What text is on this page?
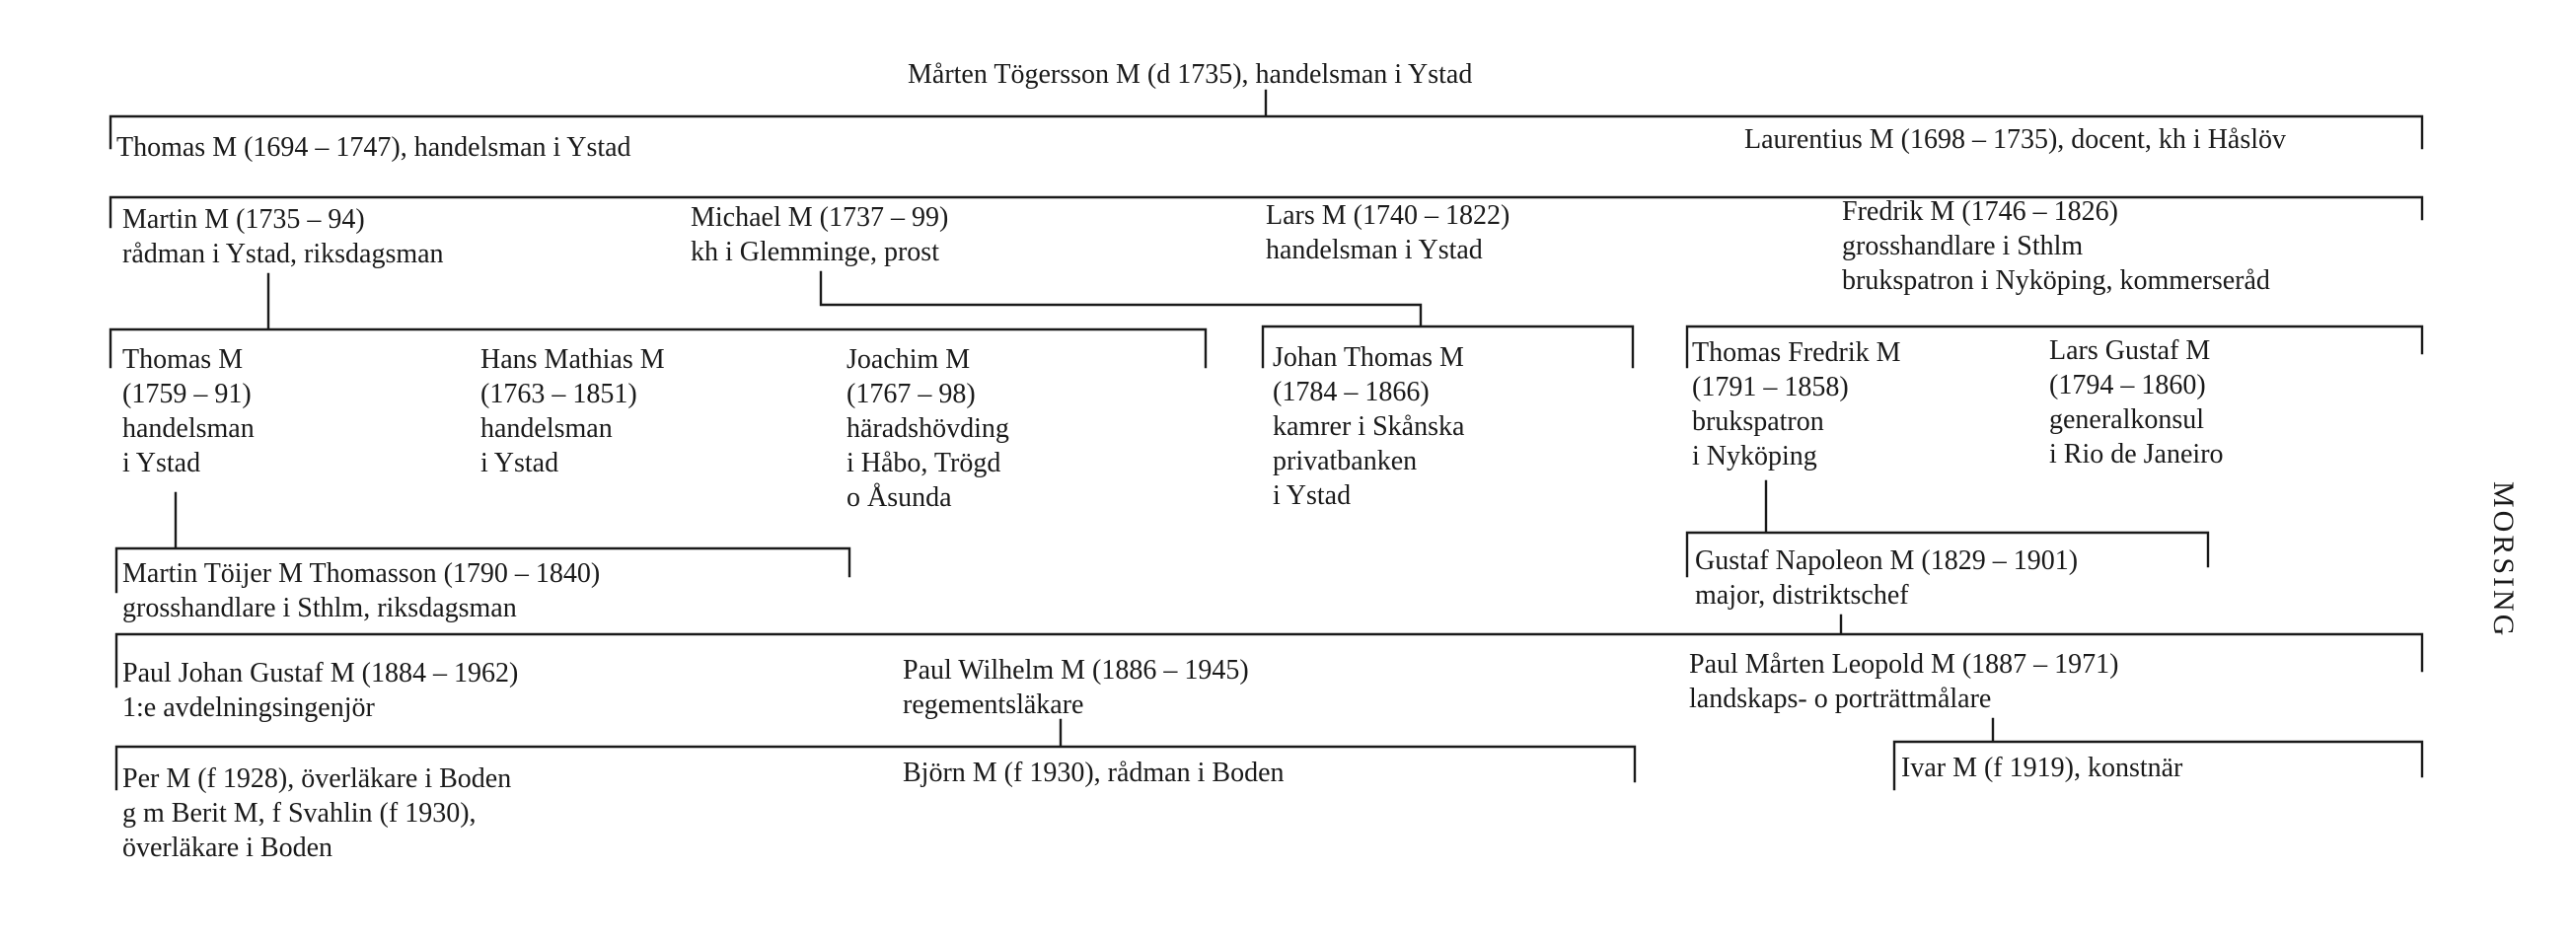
Mårten Tögersson M (d 1735), handelsman i Ystad
Thomas M (1694 – 1747), handelsman i Ystad	Laurentius M (1698 – 1735), docent, kh i Håslöv
Martin M (1735 – 94)
rådman i Ystad, riksdagsman
Michael M (1737 – 99)
kh i Glemminge, prost
Lars M (1740 – 1822)
handelsman i Ystad
Fredrik M (1746 – 1826)
grosshandlare i Sthlm
brukspatron i Nyköping, kommerseråd
Thomas M
(1759 – 91)
handelsman
i Ystad
Hans Mathias M
(1763 – 1851)
handelsman
i Ystad
Joachim M
(1767 – 98)
häradshövding
i Håbo, Trögd
o Åsunda
Johan Thomas M
(1784 – 1866)
kamrer i Skånska
privatbanken
i Ystad
Thomas Fredrik M
(1791 – 1858)
brukspatron
i Nyköping
Lars Gustaf M
(1794 – 1860)
generalkonsul
i Rio de Janeiro
Martin Töijer M Thomasson (1790 – 1840)
grosshandlare i Sthlm, riksdagsman
Gustaf Napoleon M (1829 – 1901)
major, distriktschef
Paul Johan Gustaf M (1884 – 1962)
1:e avdelningsingenjör
Paul Wilhelm M (1886 – 1945)
regementsläkare
Paul Mårten Leopold M (1887 – 1971)
landskaps- o porträttmålare
Per M (f 1928), överläkare i Boden
g m Berit M, f Svahlin (f 1930),
överläkare i Boden
Björn M (f 1930), rådman i Boden	Ivar M (f 1919), konstnär
MORSING
